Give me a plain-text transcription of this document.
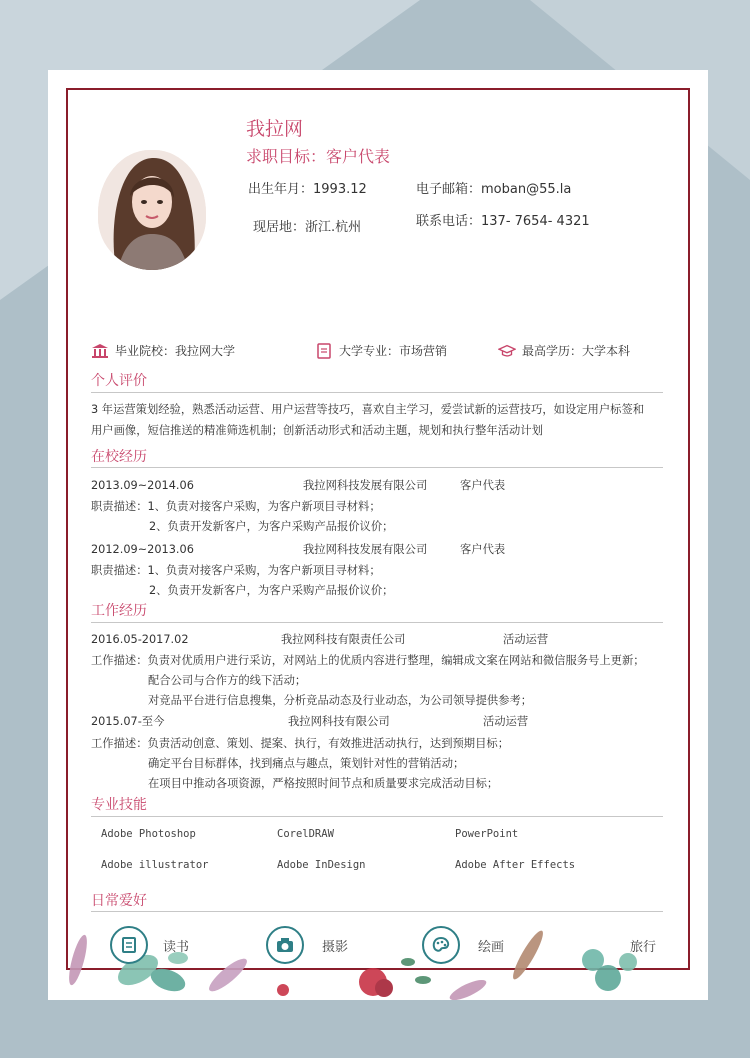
我拉网
求职目标：客户代表
出生年月：1993.12	电子邮箱：moban@55.la
现居地：浙江.杭州	联系电话：137- 7654- 4321
毕业院校：我拉网大学	大学专业：市场营销	最高学历：大学本科
个人评价
3 年运营策划经验，熟悉活动运营、用户运营等技巧，喜欢自主学习，爱尝试新的运营技巧，如设定用户标签和
用户画像，短信推送的精准筛选机制；创新活动形式和活动主题，规划和执行整年活动计划
在校经历
2013.09~2014.06	我拉网科技发展有限公司	客户代表
职责描述：1、负责对接客户采购，为客户新项目寻材料；
2、负责开发新客户，为客户采购产品报价议价；
2012.09~2013.06	我拉网科技发展有限公司	客户代表
职责描述：1、负责对接客户采购，为客户新项目寻材料；
2、负责开发新客户，为客户采购产品报价议价；
工作经历
2016.05-2017.02	我拉网科技有限责任公司	活动运营
工作描述：负责对优质用户进行采访，对网站上的优质内容进行整理，编辑成文案在网站和微信服务号上更新；
配合公司与合作方的线下活动；
对竞品平台进行信息搜集，分析竞品动态及行业动态，为公司领导提供参考；
2015.07-至今	我拉网科技有限公司	活动运营
工作描述：负责活动创意、策划、提案、执行，有效推进活动执行，达到预期目标；
确定平台目标群体，找到痛点与趣点，策划针对性的营销活动；
在项目中推动各项资源，严格按照时间节点和质量要求完成活动目标；
专业技能
Adobe Photoshop	CorelDRAW	PowerPoint
Adobe illustrator	Adobe InDesign	Adobe After Effects
日常爱好
读书	摄影	绘画	旅行
